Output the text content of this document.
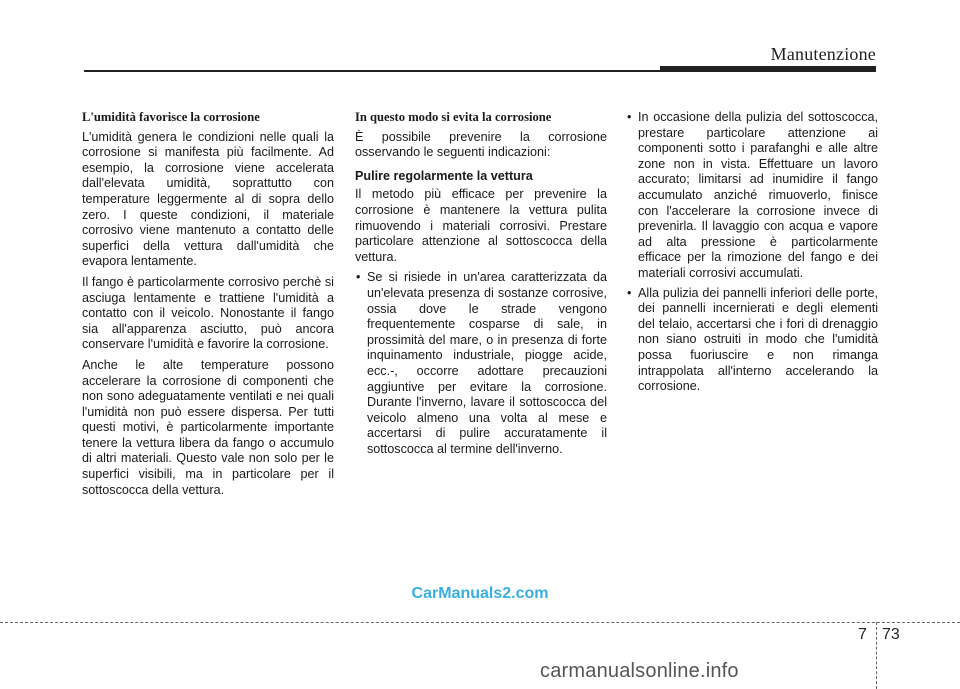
Manutenzione
L'umidità favorisce la corrosione

L'umidità genera le condizioni nelle quali la corrosione si manifesta più facilmente. Ad esempio, la corrosione viene accelerata dall'elevata umidità, soprattutto con temperature leggermente al di sopra dello zero. I queste condizioni, il materiale corrosivo viene mantenuto a contatto delle superfici della vettura dall'umidità che evapora lentamente.

Il fango è particolarmente corrosivo perchè si asciuga lentamente e trattiene l'umidità a contatto con il veicolo. Nonostante il fango sia all'apparenza asciutto, può ancora conservare l'umidità e favorire la corrosione.

Anche le alte temperature possono accelerare la corrosione di componenti che non sono adeguatamente ventilati e nei quali l'umidità non può essere dispersa. Per tutti questi motivi, è particolarmente importante tenere la vettura libera da fango o accumulo di altri materiali. Questo vale non solo per le superfici visibili, ma in particolare per il sottoscocca della vettura.

In questo modo si evita la corrosione

È possibile prevenire la corrosione osservando le seguenti indicazioni:

Pulire regolarmente la vettura

Il metodo più efficace per prevenire la corrosione è mantenere la vettura pulita rimuovendo i materiali corrosivi. Prestare particolare attenzione al sottoscocca della vettura.

• Se si risiede in un'area caratterizzata da un'elevata presenza di sostanze corrosive, ossia dove le strade vengono frequentemente cosparse di sale, in prossimità del mare, o in presenza di forte inquinamento industriale, piogge acide, ecc.-, occorre adottare precauzioni aggiuntive per evitare la corrosione. Durante l'inverno, lavare il sottoscocca del veicolo almeno una volta al mese e accertarsi di pulire accuratamente il sottoscocca al termine dell'inverno.
• In occasione della pulizia del sottoscocca, prestare particolare attenzione ai componenti sotto i parafanghi e alle altre zone non in vista. Effettuare un lavoro accurato; limitarsi ad inumidire il fango accumulato anziché rimuoverlo, finisce con l'accelerare la corrosione invece di prevenirla. Il lavaggio con acqua e vapore ad alta pressione è particolarmente efficace per la rimozione del fango e dei materiali corrosivi accumulati.
• Alla pulizia dei pannelli inferiori delle porte, dei pannelli incernierati e degli elementi del telaio, accertarsi che i fori di drenaggio non siano ostruiti in modo che l'umidità possa fuoriuscire e non rimanga intrappolata all'interno accelerando la corrosione.
CarManuals2.com
7 73
carmanualsonline.info
